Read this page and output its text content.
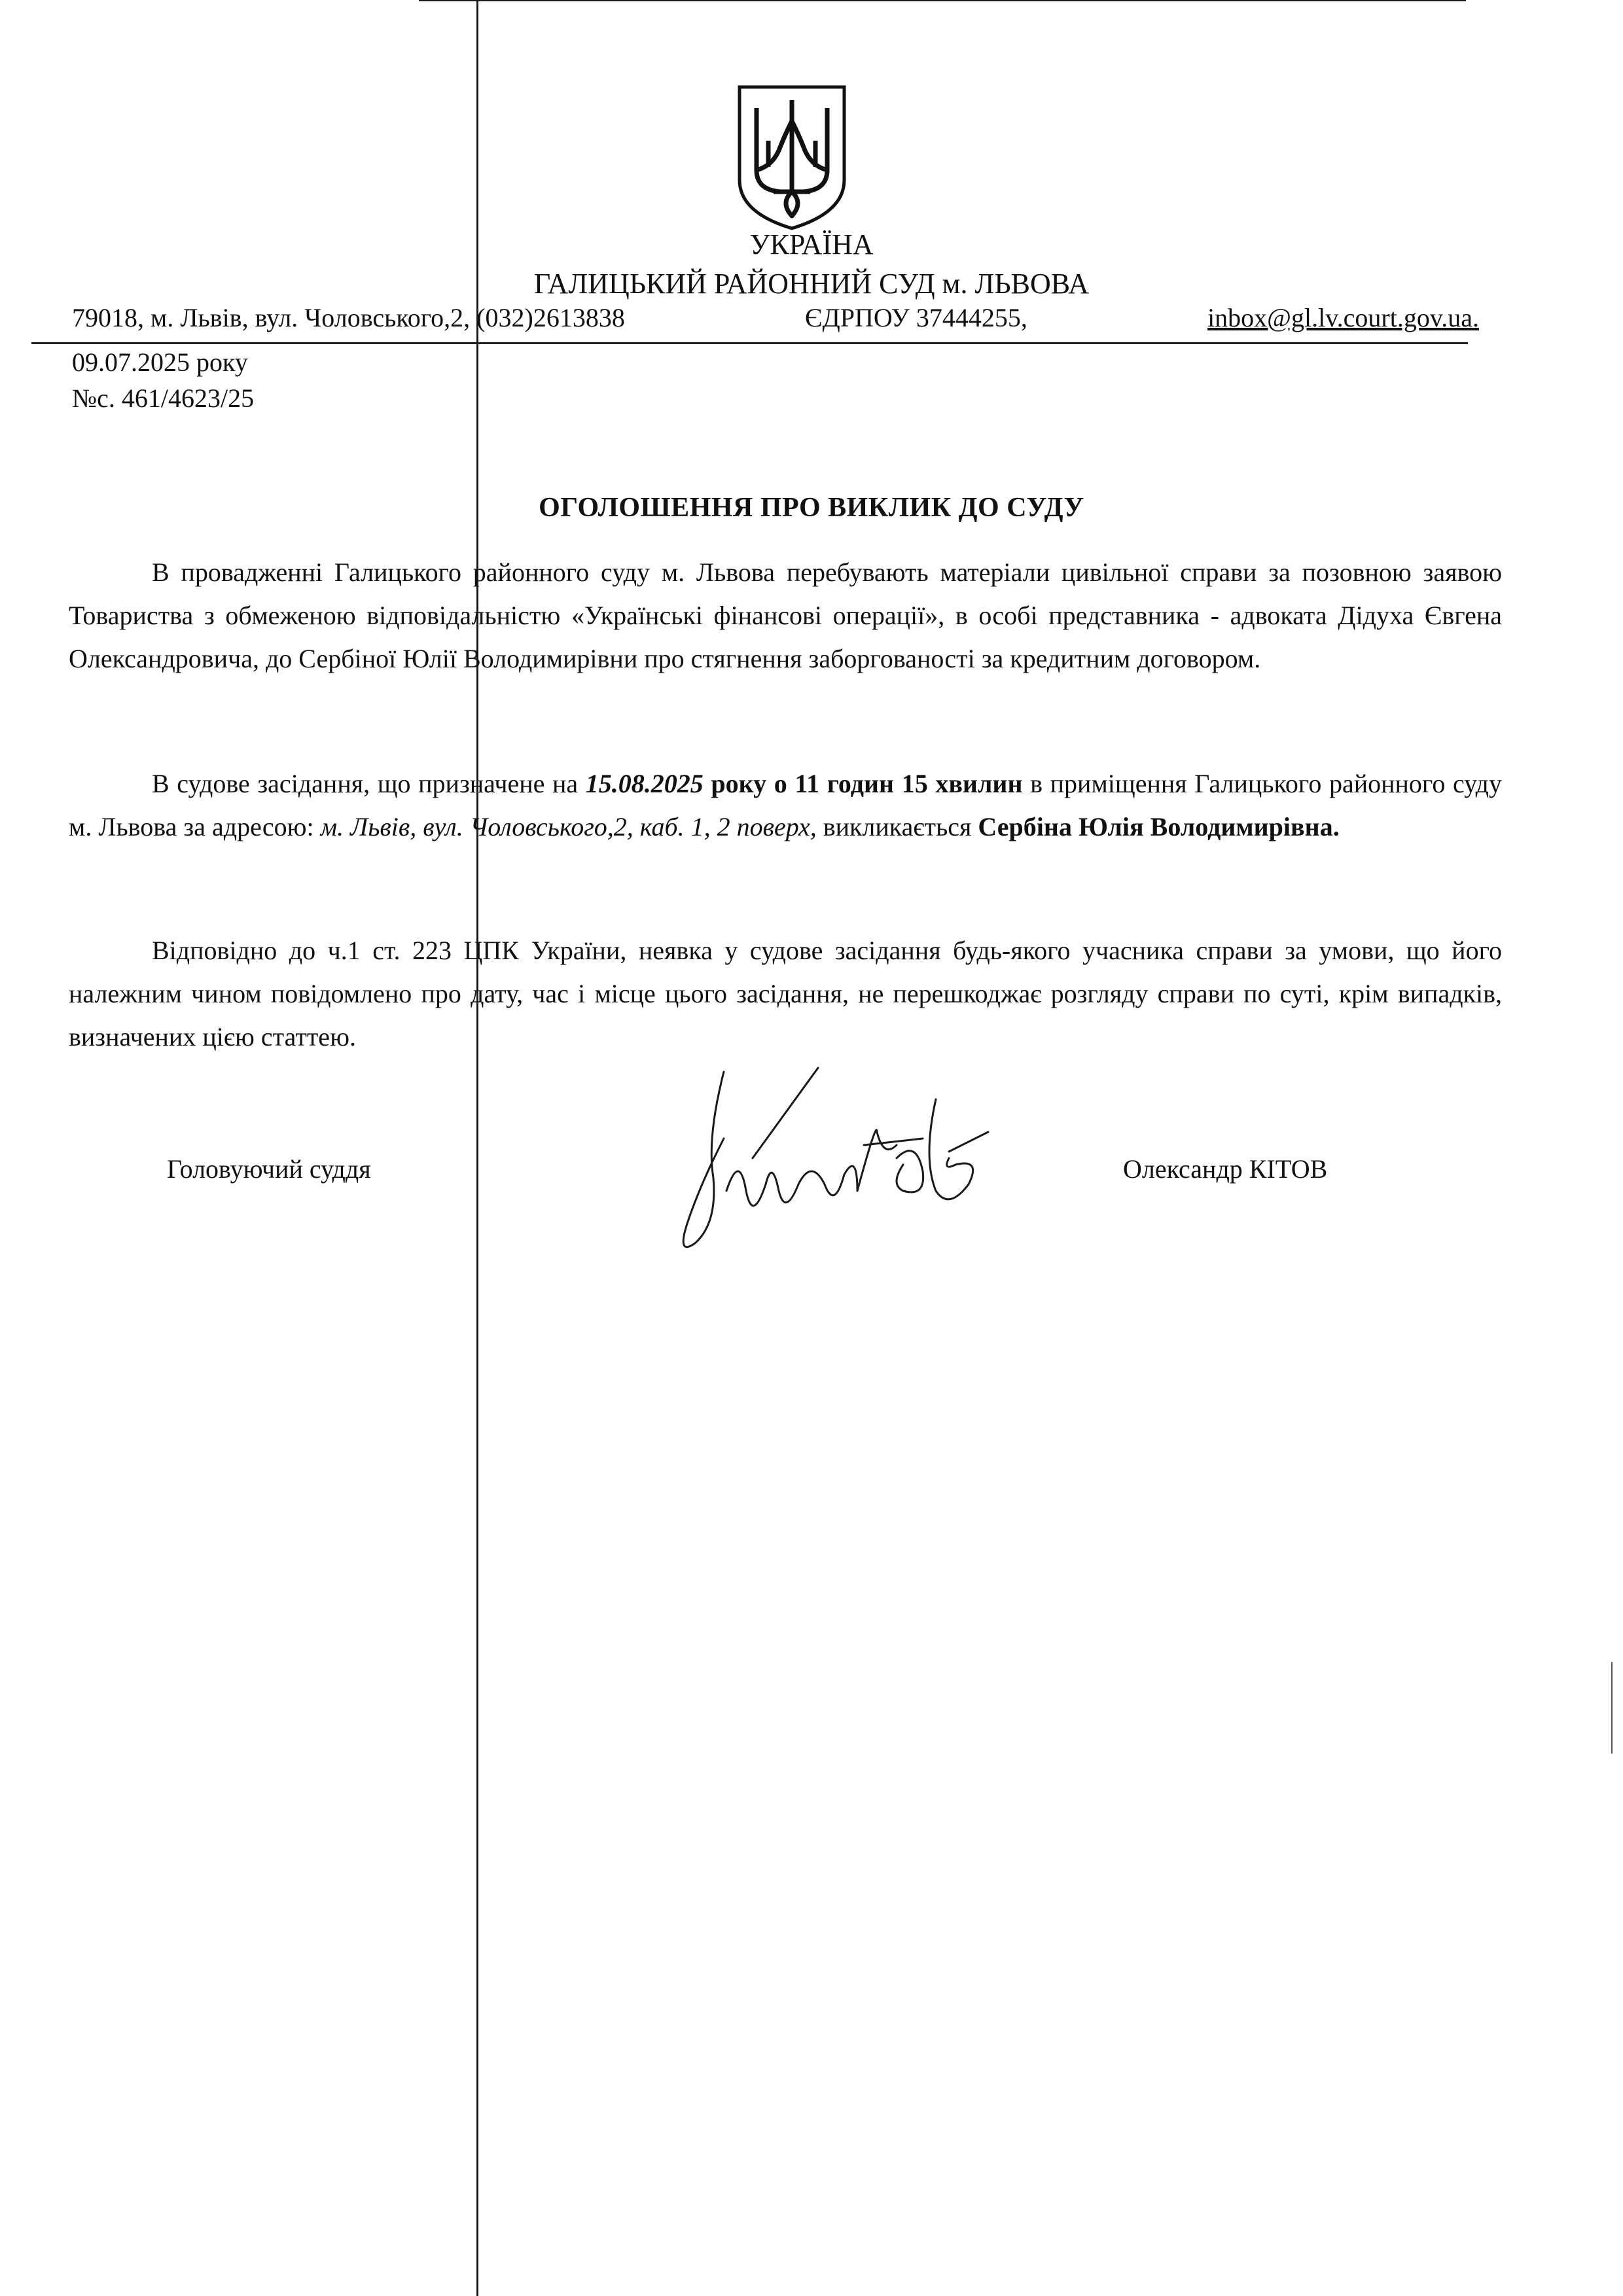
УКРАЇНА
ГАЛИЦЬКИЙ РАЙОННИЙ СУД м. ЛЬВОВА
79018, м. Львів, вул. Чоловського,2, (032)2613838	ЄДРПОУ 37444255,	inbox@gl.lv.court.gov.ua.
09.07.2025 року
№с. 461/4623/25
ОГОЛОШЕННЯ ПРО ВИКЛИК ДО СУДУ
В провадженні Галицького районного суду м. Львова перебувають матеріали цивільної справи за позовною заявою Товариства з обмеженою відповідальністю «Українські фінансові операції», в особі представника - адвоката Дідуха Євгена Олександровича, до Сербіної Юлії Володимирівни про стягнення заборгованості за кредитним договором.
В судове засідання, що призначене на 15.08.2025 року о 11 годин 15 хвилин в приміщення Галицького районного суду м. Львова за адресою: м. Львів, вул. Чоловського,2, каб. 1, 2 поверх, викликається Сербіна Юлія Володимирівна.
Відповідно до ч.1 ст. 223 ЦПК України, неявка у судове засідання будь-якого учасника справи за умови, що його належним чином повідомлено про дату, час і місце цього засідання, не перешкоджає розгляду справи по суті, крім випадків, визначених цією статтею.
Головуючий суддя	Олександр КІТОВ
